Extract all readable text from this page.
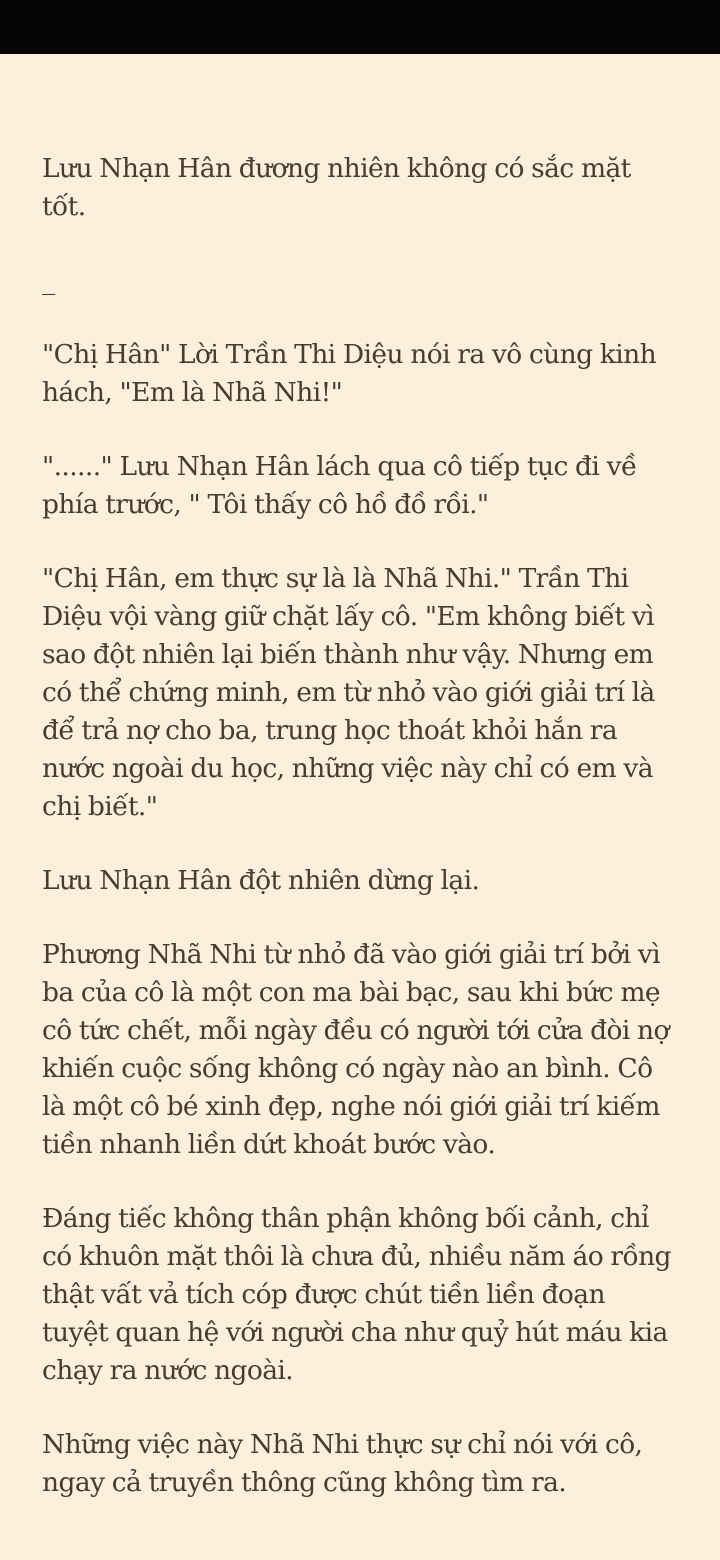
Lưu Nhạn Hân đương nhiên không có sắc mặt tốt.

_

"Chị Hân" Lời Trần Thi Diệu nói ra vô cùng kinh hách, "Em là Nhã Nhi!"

"......" Lưu Nhạn Hân lách qua cô tiếp tục đi về phía trước, " Tôi thấy cô hồ đồ rồi."

"Chị Hân, em thực sự là là Nhã Nhi." Trần Thi Diệu vội vàng giữ chặt lấy cô. "Em không biết vì sao đột nhiên lại biến thành như vậy. Nhưng em có thể chứng minh, em từ nhỏ vào giới giải trí là để trả nợ cho ba, trung học thoát khỏi hắn ra nước ngoài du học, những việc này chỉ có em và chị biết."

Lưu Nhạn Hân đột nhiên dừng lại.

Phương Nhã Nhi từ nhỏ đã vào giới giải trí bởi vì ba của cô là một con ma bài bạc, sau khi bức mẹ cô tức chết, mỗi ngày đều có người tới cửa đòi nợ khiến cuộc sống không có ngày nào an bình. Cô là một cô bé xinh đẹp, nghe nói giới giải trí kiếm tiền nhanh liền dứt khoát bước vào.

Đáng tiếc không thân phận không bối cảnh, chỉ có khuôn mặt thôi là chưa đủ, nhiều năm áo rồng thật vất vả tích cóp được chút tiền liền đoạn tuyệt quan hệ với người cha như quỷ hút máu kia chạy ra nước ngoài.

Những việc này Nhã Nhi thực sự chỉ nói với cô, ngay cả truyền thông cũng không tìm ra.
